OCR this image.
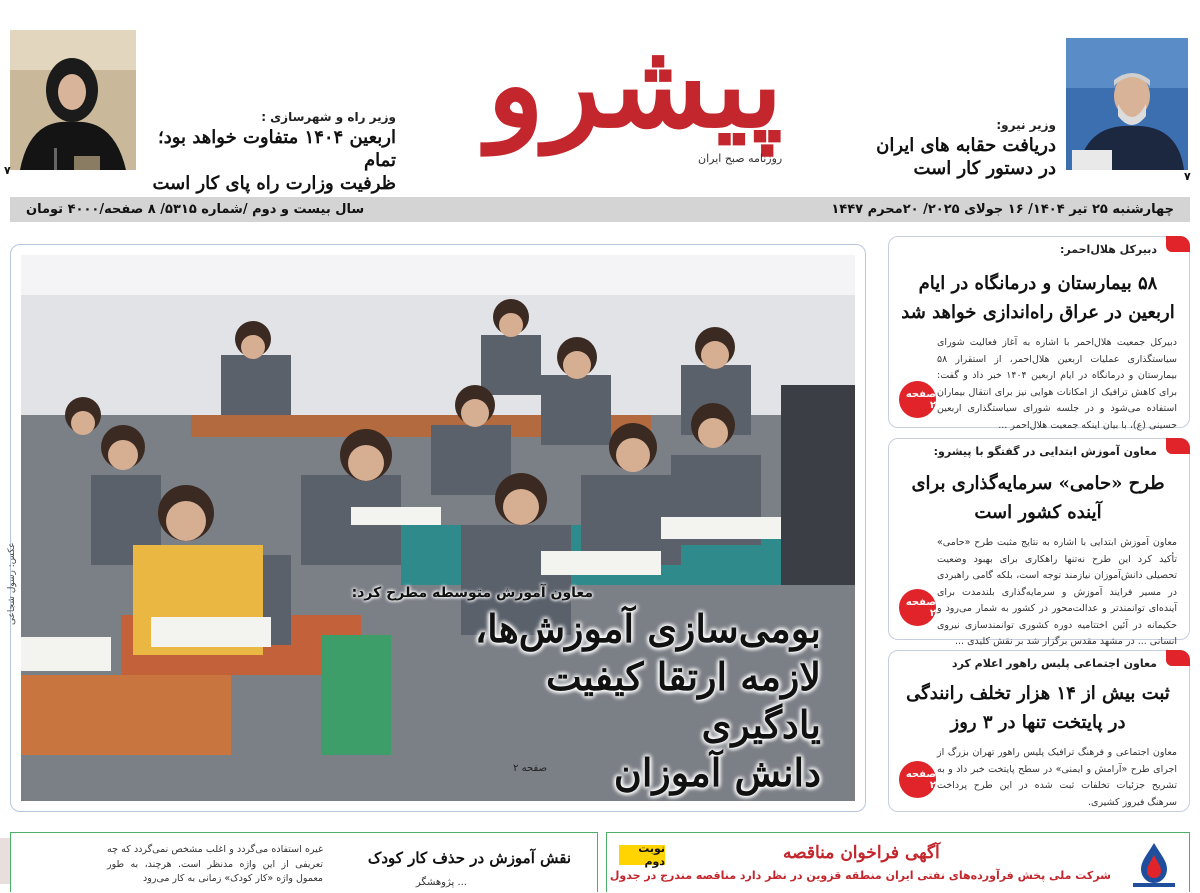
۷
وزیر راه و شهرسازی :
اربعین ۱۴۰۴ متفاوت خواهد بود؛ تمام
ظرفیت وزارت راه پای کار است
پیشرو
روزنامه صبح ایران
وزیر نیرو:
دریافت حقابه های ایران
در دستور کار است	۷
چهارشنبه ۲۵ تیر ۱۴۰۴/ ۱۶ جولای ۲۰۲۵/ ۲۰محرم ۱۴۴۷
سال بیست و دوم /شماره ۵۳۱۵/ ۸ صفحه/۴۰۰۰ تومان
عکس: رسول شجاعی	معاون آموزش متوسطه مطرح کرد:
بومی‌سازی آموزش‌ها،
لازمه ارتقا کیفیت یادگیری
دانش آموزان
صفحه ۲
دبیرکل هلال‌احمر:
۵۸ بیمارستان و درمانگاه در ایام اربعین در عراق راه‌اندازی خواهد شد
دبیرکل جمعیت هلال‌احمر با اشاره به آغاز فعالیت شورای سیاستگذاری عملیات اربعین هلال‌احمر، از استقرار ۵۸ بیمارستان و درمانگاه در ایام اربعین ۱۴۰۴ خبر داد و گفت: برای کاهش ترافیک از امکانات هوایی نیز برای انتقال بیماران استفاده می‌شود و در جلسه شورای سیاستگذاری اربعین حسینی (ع)، با بیان اینکه جمعیت هلال‌احمر ...
صفحه ۲
معاون آموزش ابتدایی در گفتگو با پیشرو:
طرح «حامی» سرمایه‌گذاری برای آینده کشور است
معاون آموزش ابتدایی با اشاره به نتایج مثبت طرح «حامی» تأکید کرد این طرح نه‌تنها راهکاری برای بهبود وضعیت تحصیلی دانش‌آموزان نیازمند توجه است، بلکه گامی راهبردی در مسیر فرایند آموزش و سرمایه‌گذاری بلندمدت برای آینده‌ای توانمندتر و عدالت‌محور در کشور به شمار می‌رود و حکیمانه در آئین اختتامیه دوره کشوری توانمندسازی نیروی انسانی ... در مشهد مقدس برگزار شد بر نقش کلیدی ...
صفحه ۲
معاون اجتماعی پلیس راهور اعلام کرد
ثبت بیش از ۱۴ هزار تخلف رانندگی در پایتخت تنها در ۳ روز
معاون اجتماعی و فرهنگ ترافیک پلیس راهور تهران بزرگ از اجرای طرح «آرامش و ایمنی» در سطح پایتخت خبر داد و به تشریح جزئیات تخلفات ثبت شده در این طرح پرداخت سرهنگ فیروز کشیری.
صفحه ۲
نقش آموزش در حذف کار کودک
غیره استفاده می‌گردد و اغلب مشخص نمی‌گردد که چه تعریفی از این واژه مدنظر است. هرچند، به طور معمول واژه «کار کودک» زمانی به کار می‌رود	... پژوهشگر
نوبت دوم	آگهی فراخوان مناقصه
شرکت ملی پخش فرآورده‌های نفتی ایران منطقه قزوین در نظر دارد مناقصه مندرج در جدول
